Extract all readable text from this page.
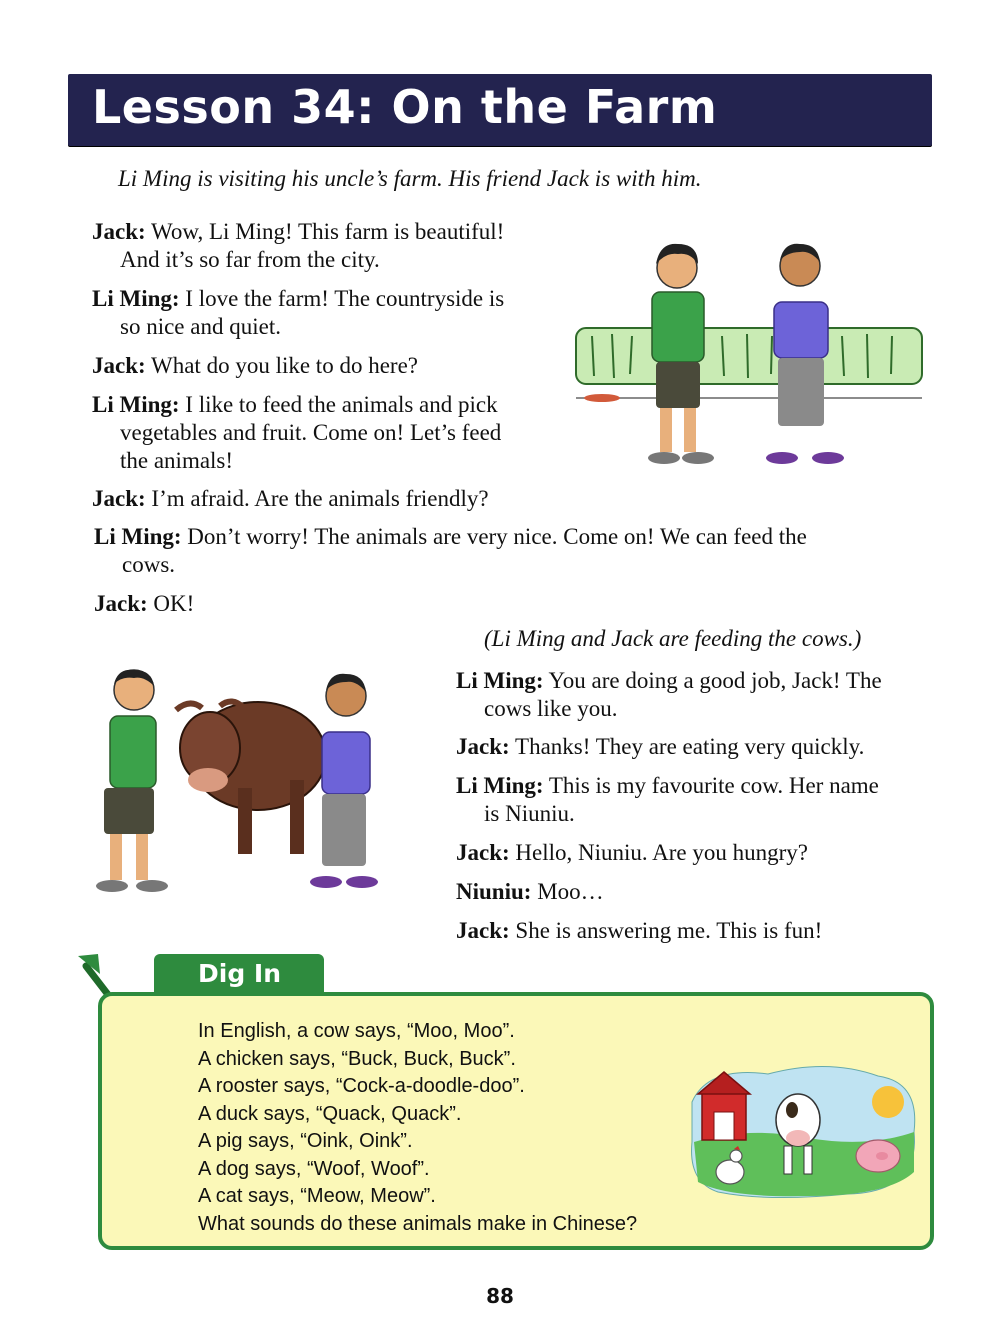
Lesson 34: On the Farm
Li Ming is visiting his uncle’s farm. His friend Jack is with him.
Jack: Wow, Li Ming! This farm is beautiful!
And it’s so far from the city.
Li Ming: I love the farm! The countryside is
so nice and quiet.
Jack: What do you like to do here?
Li Ming: I like to feed the animals and pick
vegetables and fruit. Come on! Let’s feed
the animals!
Jack: I’m afraid. Are the animals friendly?
Li Ming: Don’t worry! The animals are very nice. Come on! We can feed the
cows.
Jack: OK!
(Li Ming and Jack are feeding the cows.)
Li Ming: You are doing a good job, Jack! The
cows like you.
Jack: Thanks! They are eating very quickly.
Li Ming: This is my favourite cow. Her name
is Niuniu.
Jack: Hello, Niuniu. Are you hungry?
Niuniu: Moo…
Jack: She is answering me. This is fun!
Dig In
In English, a cow says, “Moo, Moo”.
A chicken says, “Buck, Buck, Buck”.
A rooster says, “Cock-a-doodle-doo”.
A duck says, “Quack, Quack”.
A pig says, “Oink, Oink”.
A dog says, “Woof, Woof”.
A cat says, “Meow, Meow”.
What sounds do these animals make in Chinese?
88
